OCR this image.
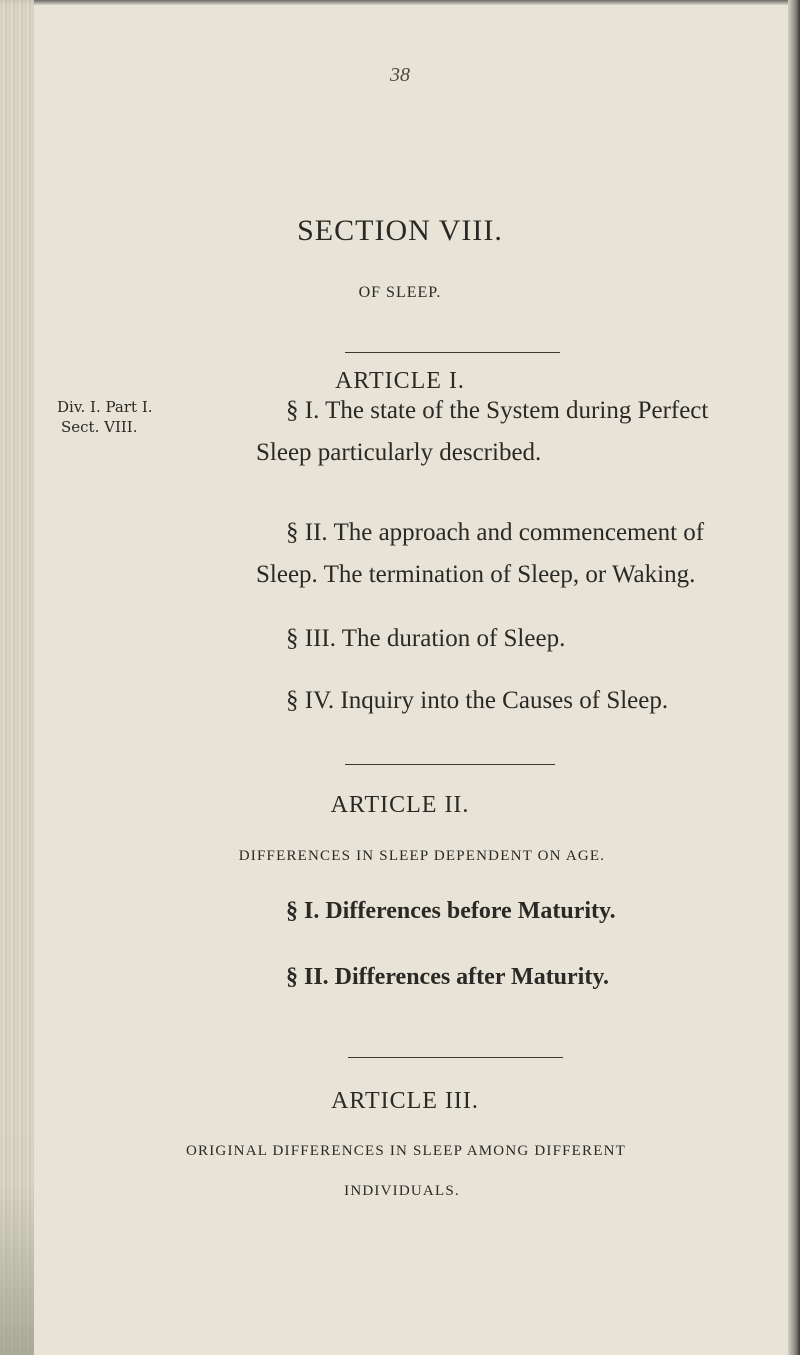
38
SECTION VIII.
OF SLEEP.
ARTICLE I.
Div. I. Part I.
Sect. VIII.
§ I. The state of the System during Perfect
Sleep particularly described.
§ II. The approach and commencement of
Sleep. The termination of Sleep, or Waking.
§ III. The duration of Sleep.
§ IV. Inquiry into the Causes of Sleep.
ARTICLE II.
DIFFERENCES IN SLEEP DEPENDENT ON AGE.
§ I. Differences before Maturity.
§ II. Differences after Maturity.
ARTICLE III.
ORIGINAL DIFFERENCES IN SLEEP AMONG DIFFERENT
INDIVIDUALS.
